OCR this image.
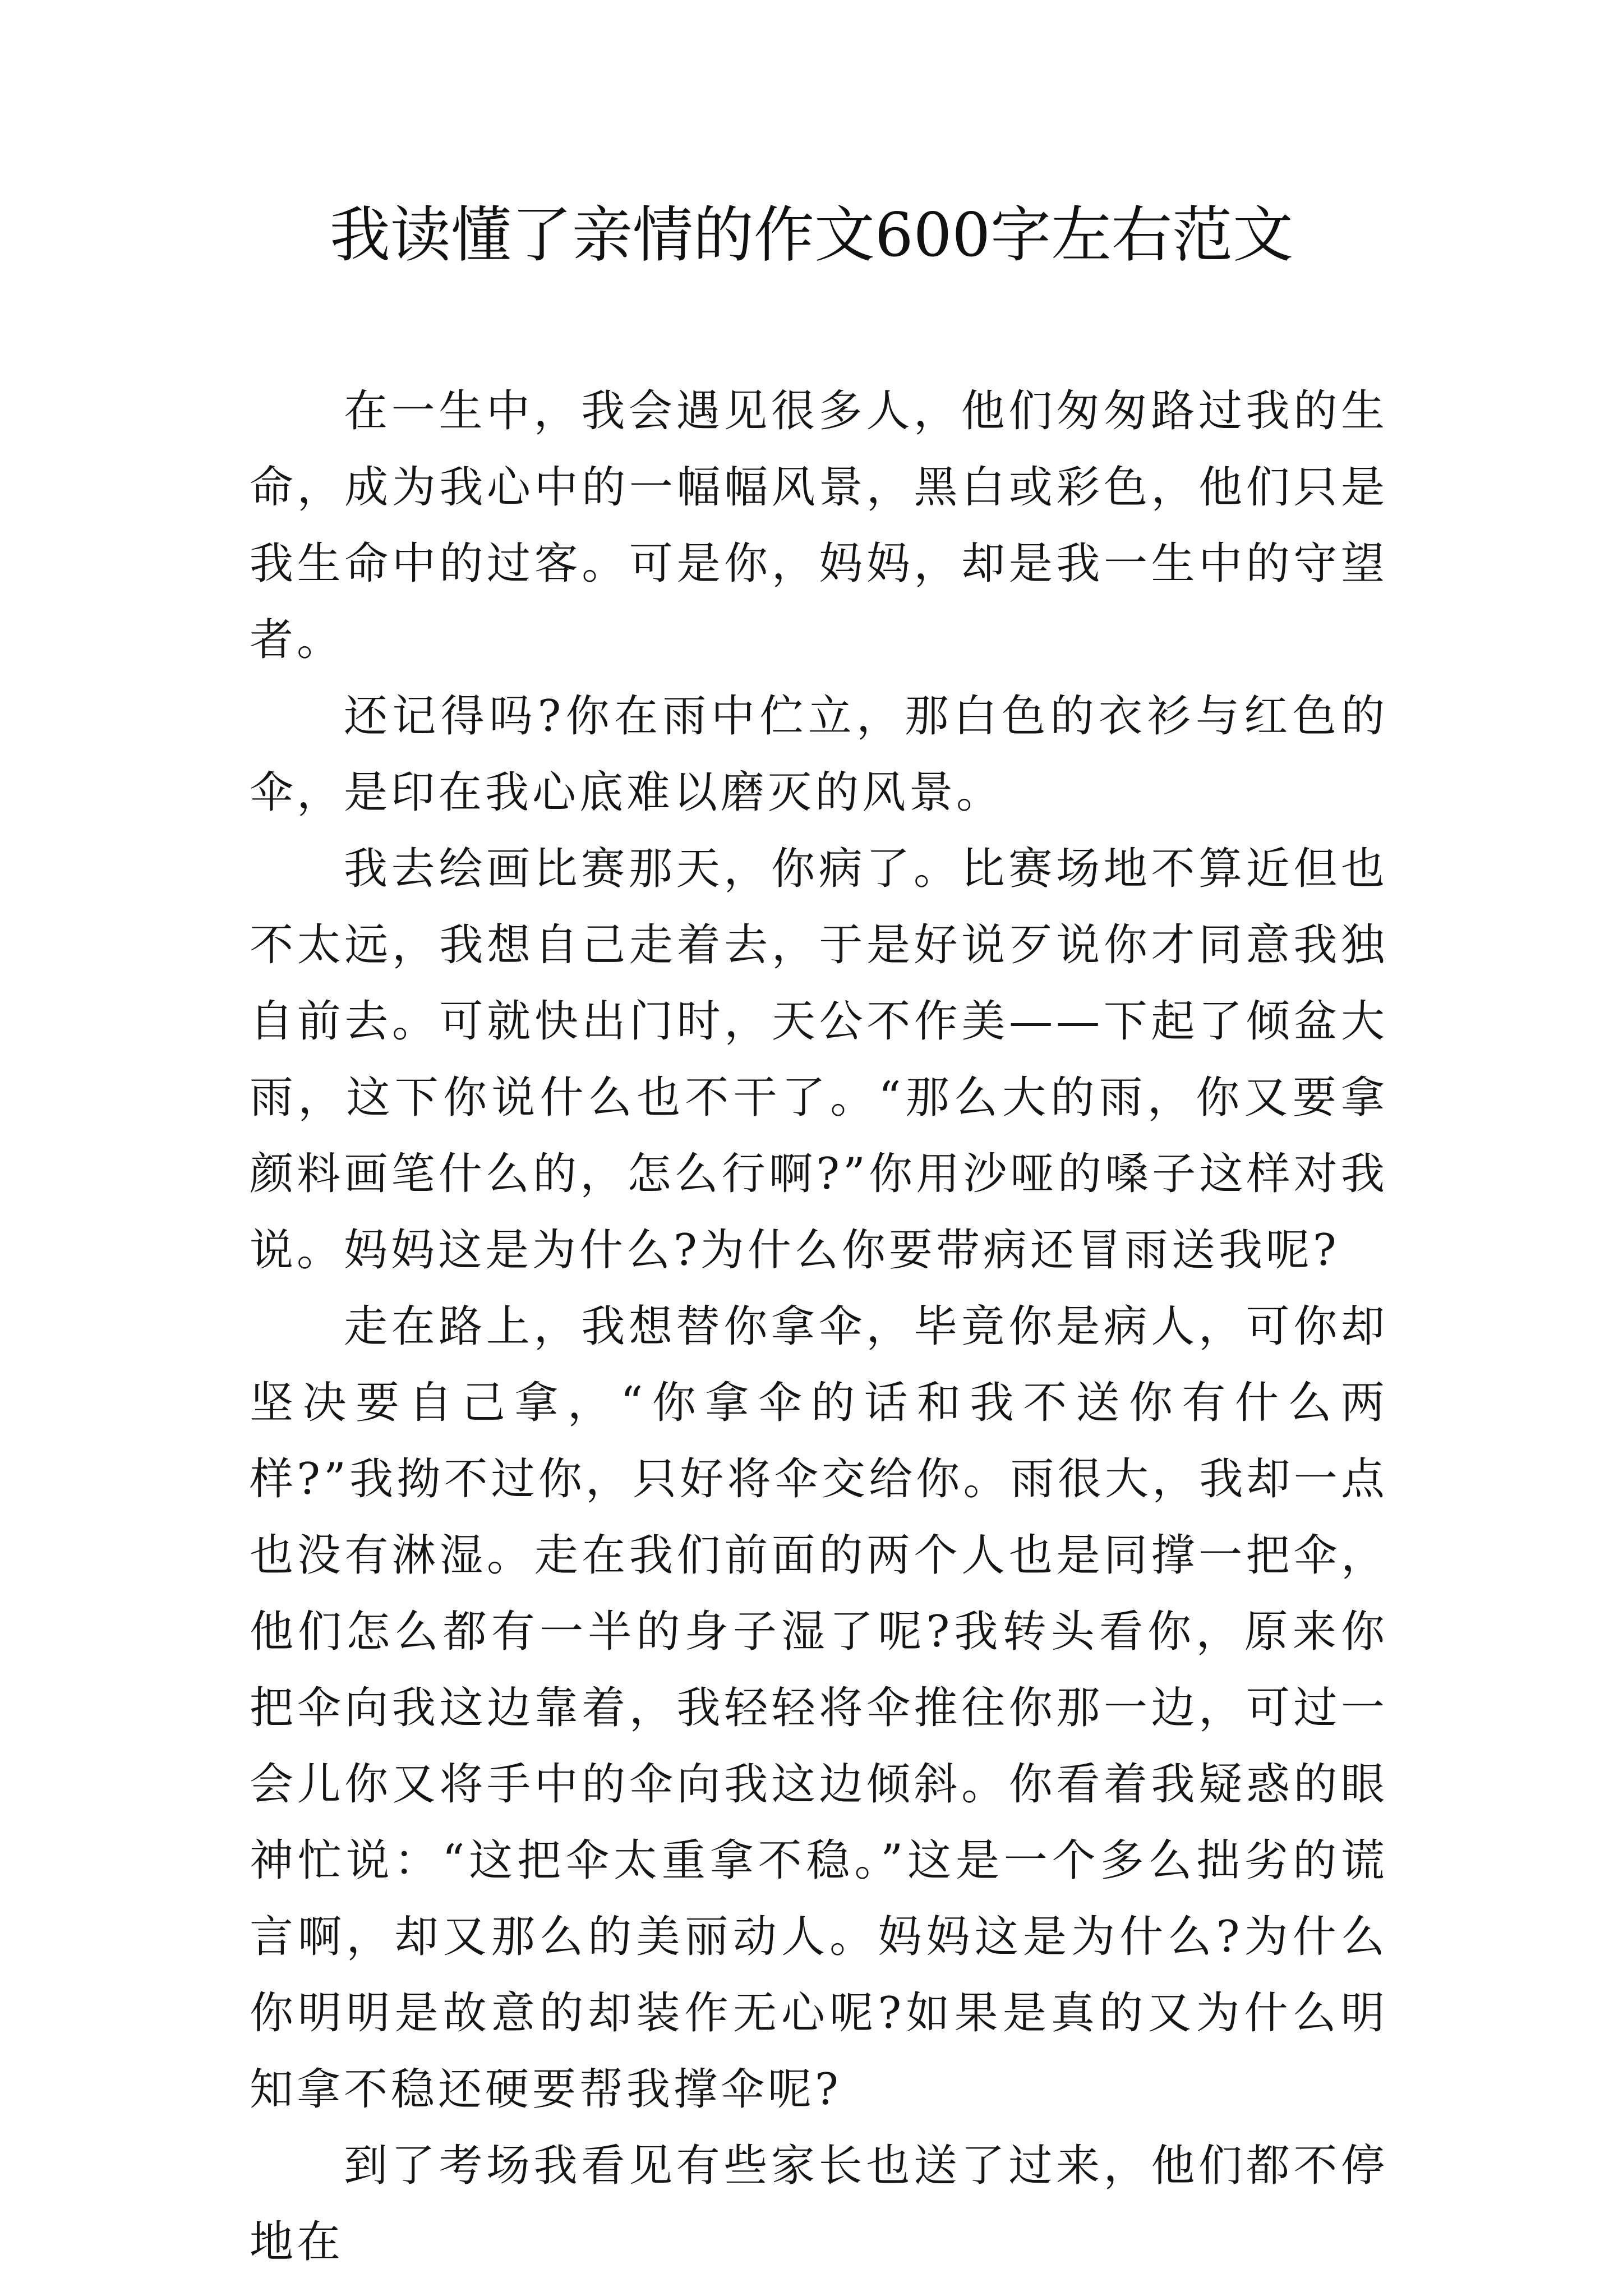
我读懂了亲情的作文600字左右范文

在一生中，我会遇见很多人，他们匆匆路过我的生命，成为我心中的一幅幅风景，黑白或彩色，他们只是我生命中的过客。可是你，妈妈，却是我一生中的守望者。

还记得吗?你在雨中伫立，那白色的衣衫与红色的伞，是印在我心底难以磨灭的风景。

我去绘画比赛那天，你病了。比赛场地不算近但也不太远，我想自己走着去，于是好说歹说你才同意我独自前去。可就快出门时，天公不作美——下起了倾盆大雨，这下你说什么也不干了。“那么大的雨，你又要拿颜料画笔什么的，怎么行啊?”你用沙哑的嗓子这样对我说。妈妈这是为什么?为什么你要带病还冒雨送我呢?

走在路上，我想替你拿伞，毕竟你是病人，可你却坚决要自己拿，“你拿伞的话和我不送你有什么两样?”我拗不过你，只好将伞交给你。雨很大，我却一点也没有淋湿。走在我们前面的两个人也是同撑一把伞，他们怎么都有一半的身子湿了呢?我转头看你，原来你把伞向我这边靠着，我轻轻将伞推往你那一边，可过一会儿你又将手中的伞向我这边倾斜。你看着我疑惑的眼神忙说：“这把伞太重拿不稳。”这是一个多么拙劣的谎言啊，却又那么的美丽动人。妈妈这是为什么?为什么你明明是故意的却装作无心呢?如果是真的又为什么明知拿不稳还硬要帮我撑伞呢?

到了考场我看见有些家长也送了过来，他们都不停地在
